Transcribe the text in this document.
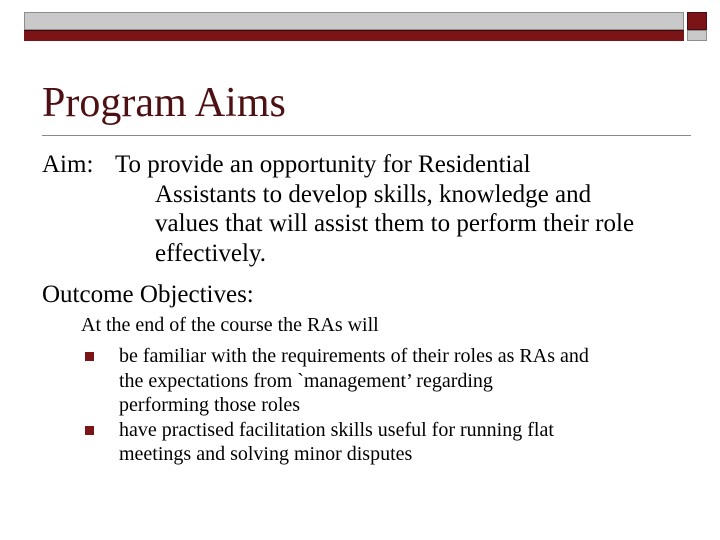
Program Aims
Aim: To provide an opportunity for Residential
Assistants to develop skills, knowledge and
values that will assist them to perform their role
effectively.
Outcome Objectives:
At the end of the course the RAs will
be familiar with the requirements of their roles as RAs and
the expectations from `management’ regarding
performing those roles
have practised facilitation skills useful for running flat
meetings and solving minor disputes
